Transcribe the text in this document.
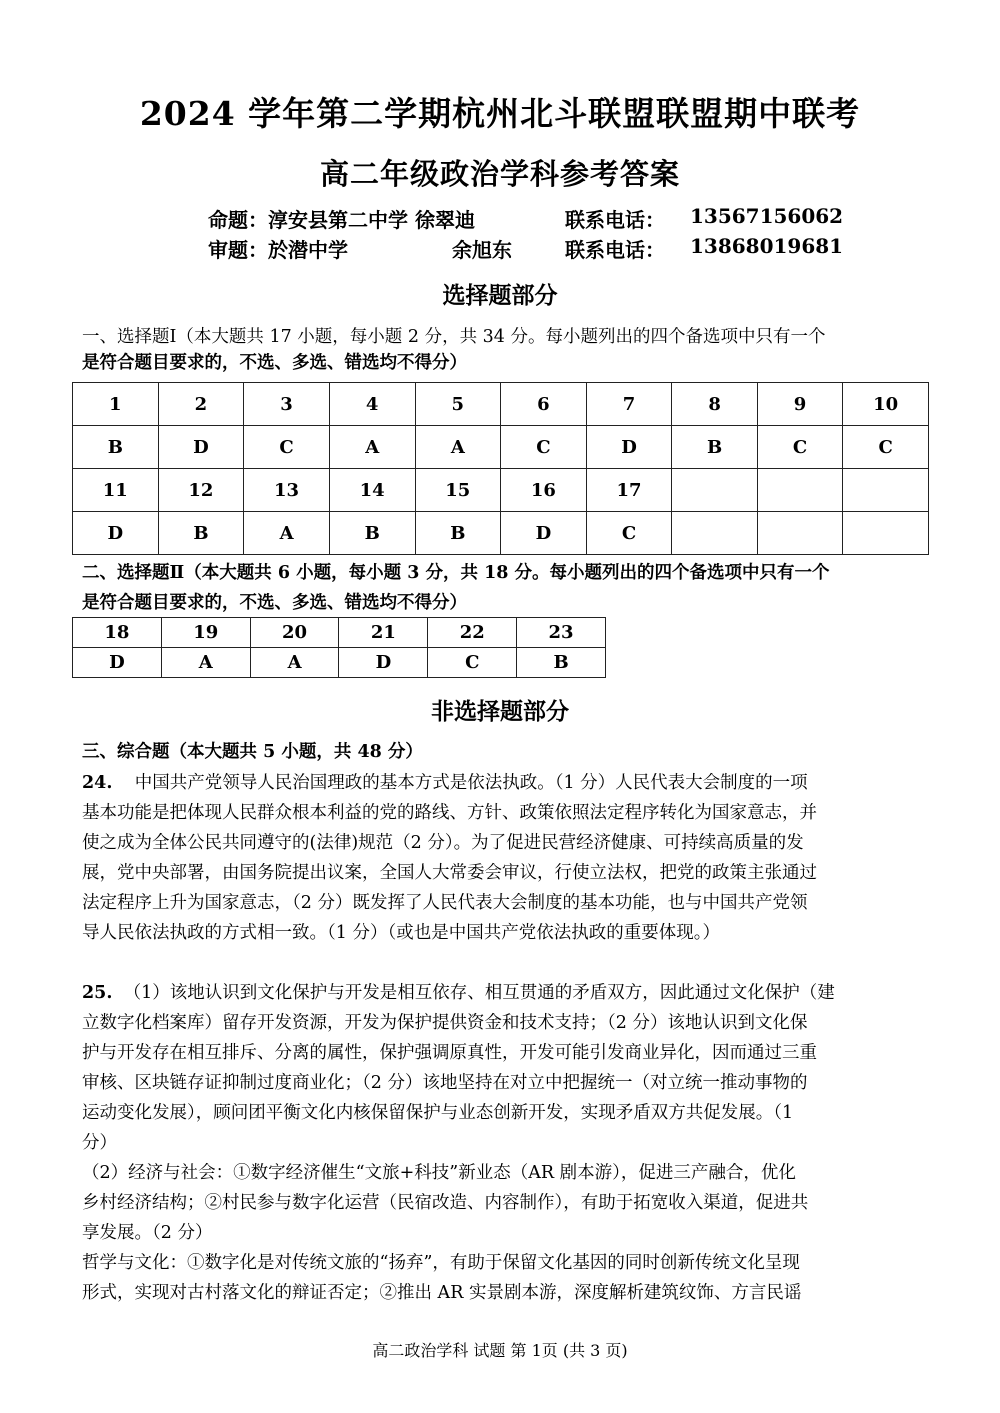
2024 学年第二学期杭州北斗联盟联盟期中联考
高二年级政治学科参考答案
命题：淳安县第二中学 徐翠迪	联系电话： 13567156062
审题：於潜中学	余旭东	联系电话： 13868019681
选择题部分
一、选择题Ⅰ（本大题共 17 小题，每小题 2 分，共 34 分。每小题列出的四个备选项中只有一个
是符合题目要求的，不选、多选、错选均不得分）
1	2	3	4	5	6	7	8	9	10
B	D	C	A	A	C	D	B	C	C
11	12	13	14	15	16	17			
D	B	A	B	B	D	C			
二、选择题Ⅱ（本大题共 6 小题，每小题 3 分，共 18 分。每小题列出的四个备选项中只有一个
是符合题目要求的，不选、多选、错选均不得分）
18	19	20	21	22	23
D	A	A	D	C	B
非选择题部分
三、综合题（本大题共 5 小题，共 48 分）
24. 中国共产党领导人民治国理政的基本方式是依法执政。（1 分）人民代表大会制度的一项
基本功能是把体现人民群众根本利益的党的路线、方针、政策依照法定程序转化为国家意志，并
使之成为全体公民共同遵守的(法律)规范（2 分）。为了促进民营经济健康、可持续高质量的发
展，党中央部署，由国务院提出议案，全国人大常委会审议，行使立法权，把党的政策主张通过
法定程序上升为国家意志，（2 分）既发挥了人民代表大会制度的基本功能，也与中国共产党领
导人民依法执政的方式相一致。（1 分）（或也是中国共产党依法执政的重要体现。）
25. （1）该地认识到文化保护与开发是相互依存、相互贯通的矛盾双方，因此通过文化保护（建
立数字化档案库）留存开发资源，开发为保护提供资金和技术支持；（2 分）该地认识到文化保
护与开发存在相互排斥、分离的属性，保护强调原真性，开发可能引发商业异化，因而通过三重
审核、区块链存证抑制过度商业化；（2 分）该地坚持在对立中把握统一（对立统一推动事物的
运动变化发展），顾问团平衡文化内核保留保护与业态创新开发，实现矛盾双方共促发展。（1
分）
（2）经济与社会：①数字经济催生“文旅+科技”新业态（AR 剧本游），促进三产融合，优化
乡村经济结构；②村民参与数字化运营（民宿改造、内容制作），有助于拓宽收入渠道，促进共
享发展。（2 分）
哲学与文化：①数字化是对传统文旅的“扬弃”，有助于保留文化基因的同时创新传统文化呈现
形式，实现对古村落文化的辩证否定；②推出 AR 实景剧本游，深度解析建筑纹饰、方言民谣
高二政治学科 试题 第 1页 (共 3 页)
